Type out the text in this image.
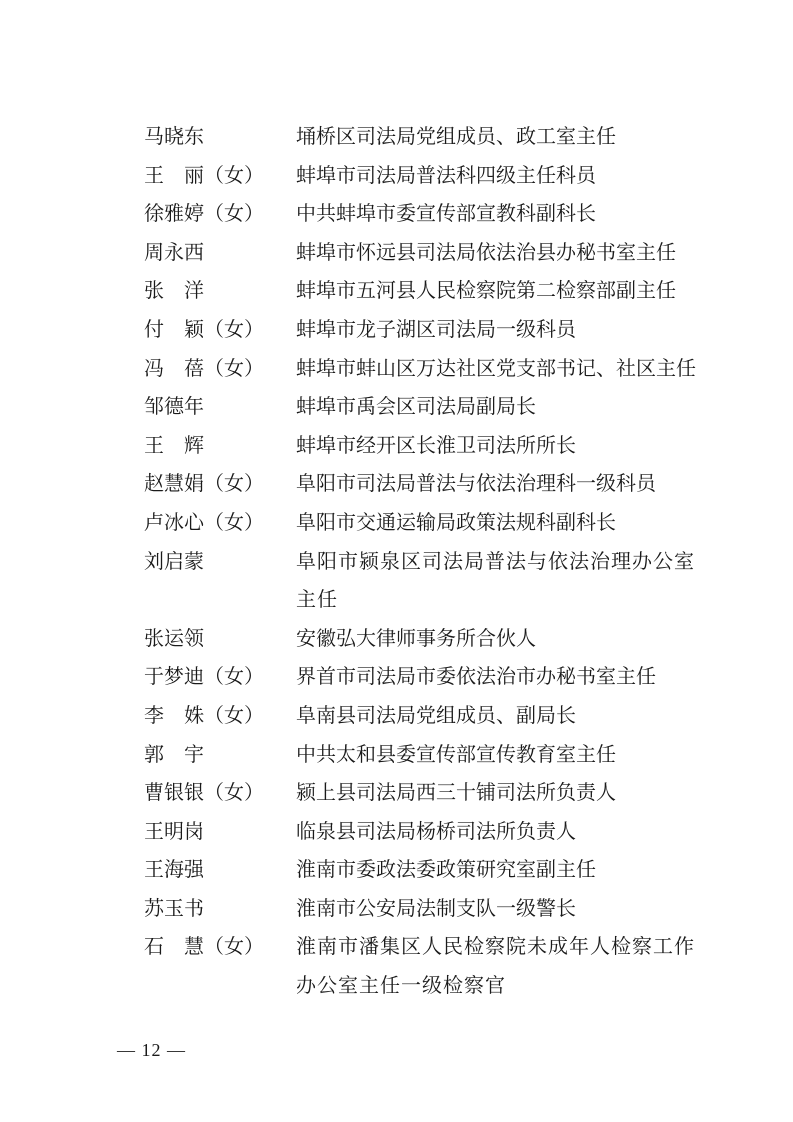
马晓东	埇桥区司法局党组成员、政工室主任
王　丽（女）	蚌埠市司法局普法科四级主任科员
徐雅婷（女）	中共蚌埠市委宣传部宣教科副科长
周永西	蚌埠市怀远县司法局依法治县办秘书室主任
张　洋	蚌埠市五河县人民检察院第二检察部副主任
付　颖（女）	蚌埠市龙子湖区司法局一级科员
冯　蓓（女）	蚌埠市蚌山区万达社区党支部书记、社区主任
邹德年	蚌埠市禹会区司法局副局长
王　辉	蚌埠市经开区长淮卫司法所所长
赵慧娟（女）	阜阳市司法局普法与依法治理科一级科员
卢冰心（女）	阜阳市交通运输局政策法规科副科长
刘启蒙	阜阳市颍泉区司法局普法与依法治理办公室主任
张运领	安徽弘大律师事务所合伙人
于梦迪（女）	界首市司法局市委依法治市办秘书室主任
李　姝（女）	阜南县司法局党组成员、副局长
郭　宇	中共太和县委宣传部宣传教育室主任
曹银银（女）	颍上县司法局西三十铺司法所负责人
王明岗	临泉县司法局杨桥司法所负责人
王海强	淮南市委政法委政策研究室副主任
苏玉书	淮南市公安局法制支队一级警长
石　慧（女）	淮南市潘集区人民检察院未成年人检察工作办公室主任一级检察官
— 12 —
